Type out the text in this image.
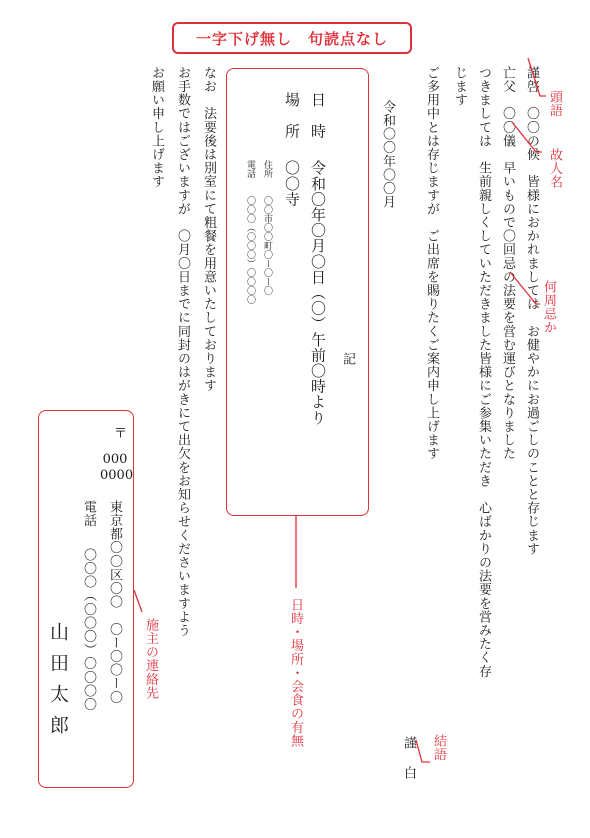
一字下げ無し　句読点なし
謹啓　〇〇の候　皆様におかれましては　お健やかにお過ごしのことと存じます
亡父　〇〇儀　早いもので〇回忌の法要を営む運びとなりました
つきましては　生前親しくしていただきました皆様にご参集いただき　心ばかりの法要を営みたく存
じます
ご多用中とは存じますが　ご出席を賜りたくご案内申し上げます
令和〇〇年〇〇月
記
日　時
令和〇年〇月〇日（〇）午前〇時より
場　所
〇〇寺
住所
〇〇市〇〇町〇ー〇ー〇
電話
〇〇〇（〇〇〇）〇〇〇〇
なお　法要後は別室にて粗餐を用意いたしております
お手数ではございますが　〇月〇日までに同封のはがきにて出欠をお知らせくださいますよう
お願い申し上げます
謹
白
〒
000
0000
東京都〇〇区〇〇　〇ー〇〇ー〇
電話
〇〇〇（〇〇〇）〇〇〇〇
山田太郎
頭語
故人名
何周忌か
結語
日時・場所・会食の有無
施主の連絡先
